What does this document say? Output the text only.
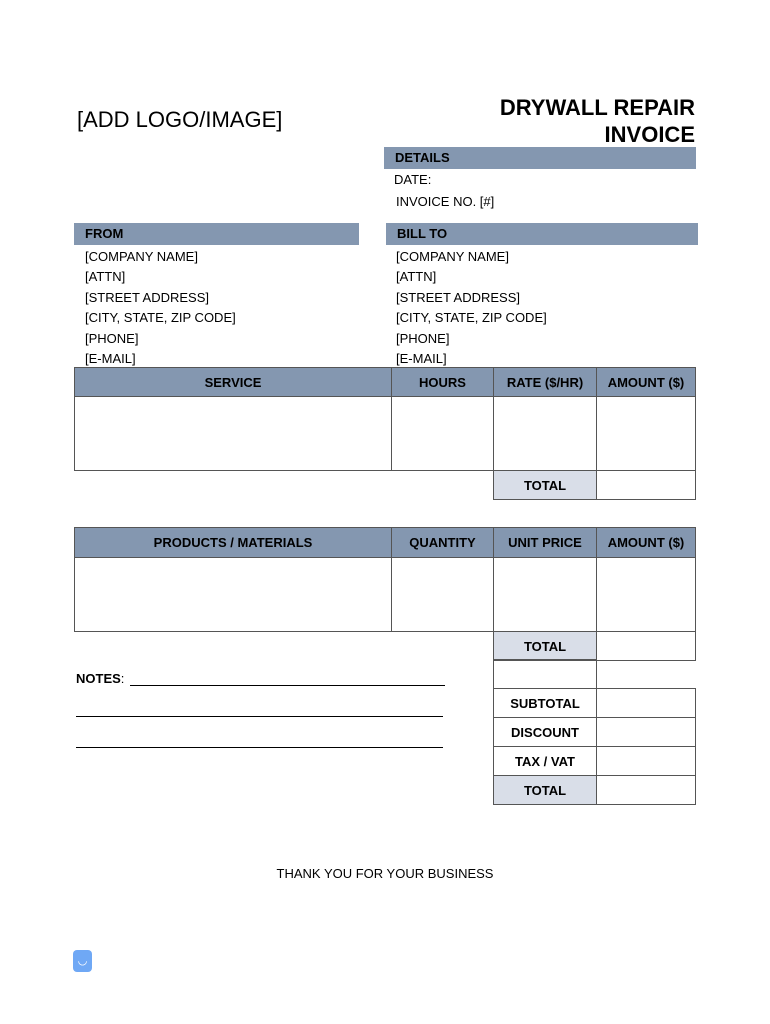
[ADD LOGO/IMAGE]	DRYWALL REPAIR
INVOICE
DETAILS
DATE:
INVOICE NO. [#]
FROM
[COMPANY NAME]
[ATTN]
[STREET ADDRESS]
[CITY, STATE, ZIP CODE]
[PHONE]
[E-MAIL]
BILL TO
[COMPANY NAME]
[ATTN]
[STREET ADDRESS]
[CITY, STATE, ZIP CODE]
[PHONE]
[E-MAIL]
SERVICE	HOURS	RATE ($/HR)	AMOUNT ($)

		TOTAL	
PRODUCTS / MATERIALS	QUANTITY	UNIT PRICE	AMOUNT ($)

		TOTAL	
NOTES:

SUBTOTAL	
DISCOUNT	
TAX / VAT	
TOTAL	
THANK YOU FOR YOUR BUSINESS
◡
